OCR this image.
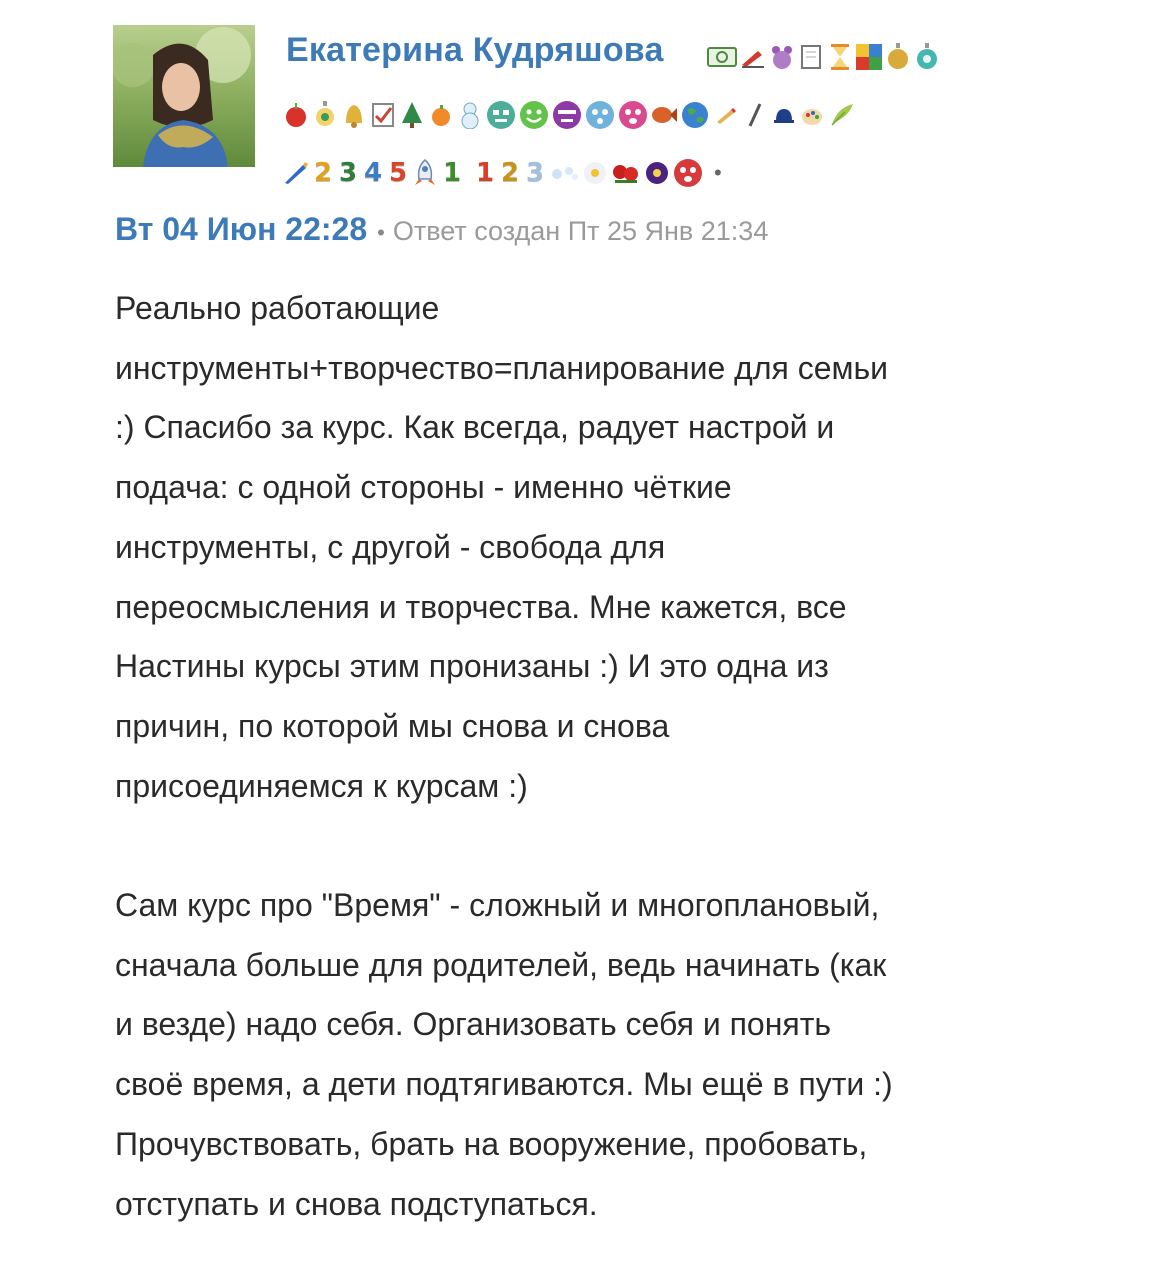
Екатерина Кудряшова
2 3 4 5 1 1 2 3	•
Вт 04 Июн 22:28 • Ответ создан Пт 25 Янв 21:34
Реально работающие
инструменты+творчество=планирование для семьи
:) Спасибо за курс. Как всегда, радует настрой и
подача: с одной стороны - именно чёткие
инструменты, с другой - свобода для
переосмысления и творчества. Мне кажется, все
Настины курсы этим пронизаны :) И это одна из
причин, по которой мы снова и снова
присоединяемся к курсам :)
Сам курс про "Время" - сложный и многоплановый,
сначала больше для родителей, ведь начинать (как
и везде) надо себя. Организовать себя и понять
своё время, а дети подтягиваются. Мы ещё в пути :)
Прочувствовать, брать на вооружение, пробовать,
отступать и снова подступаться.
